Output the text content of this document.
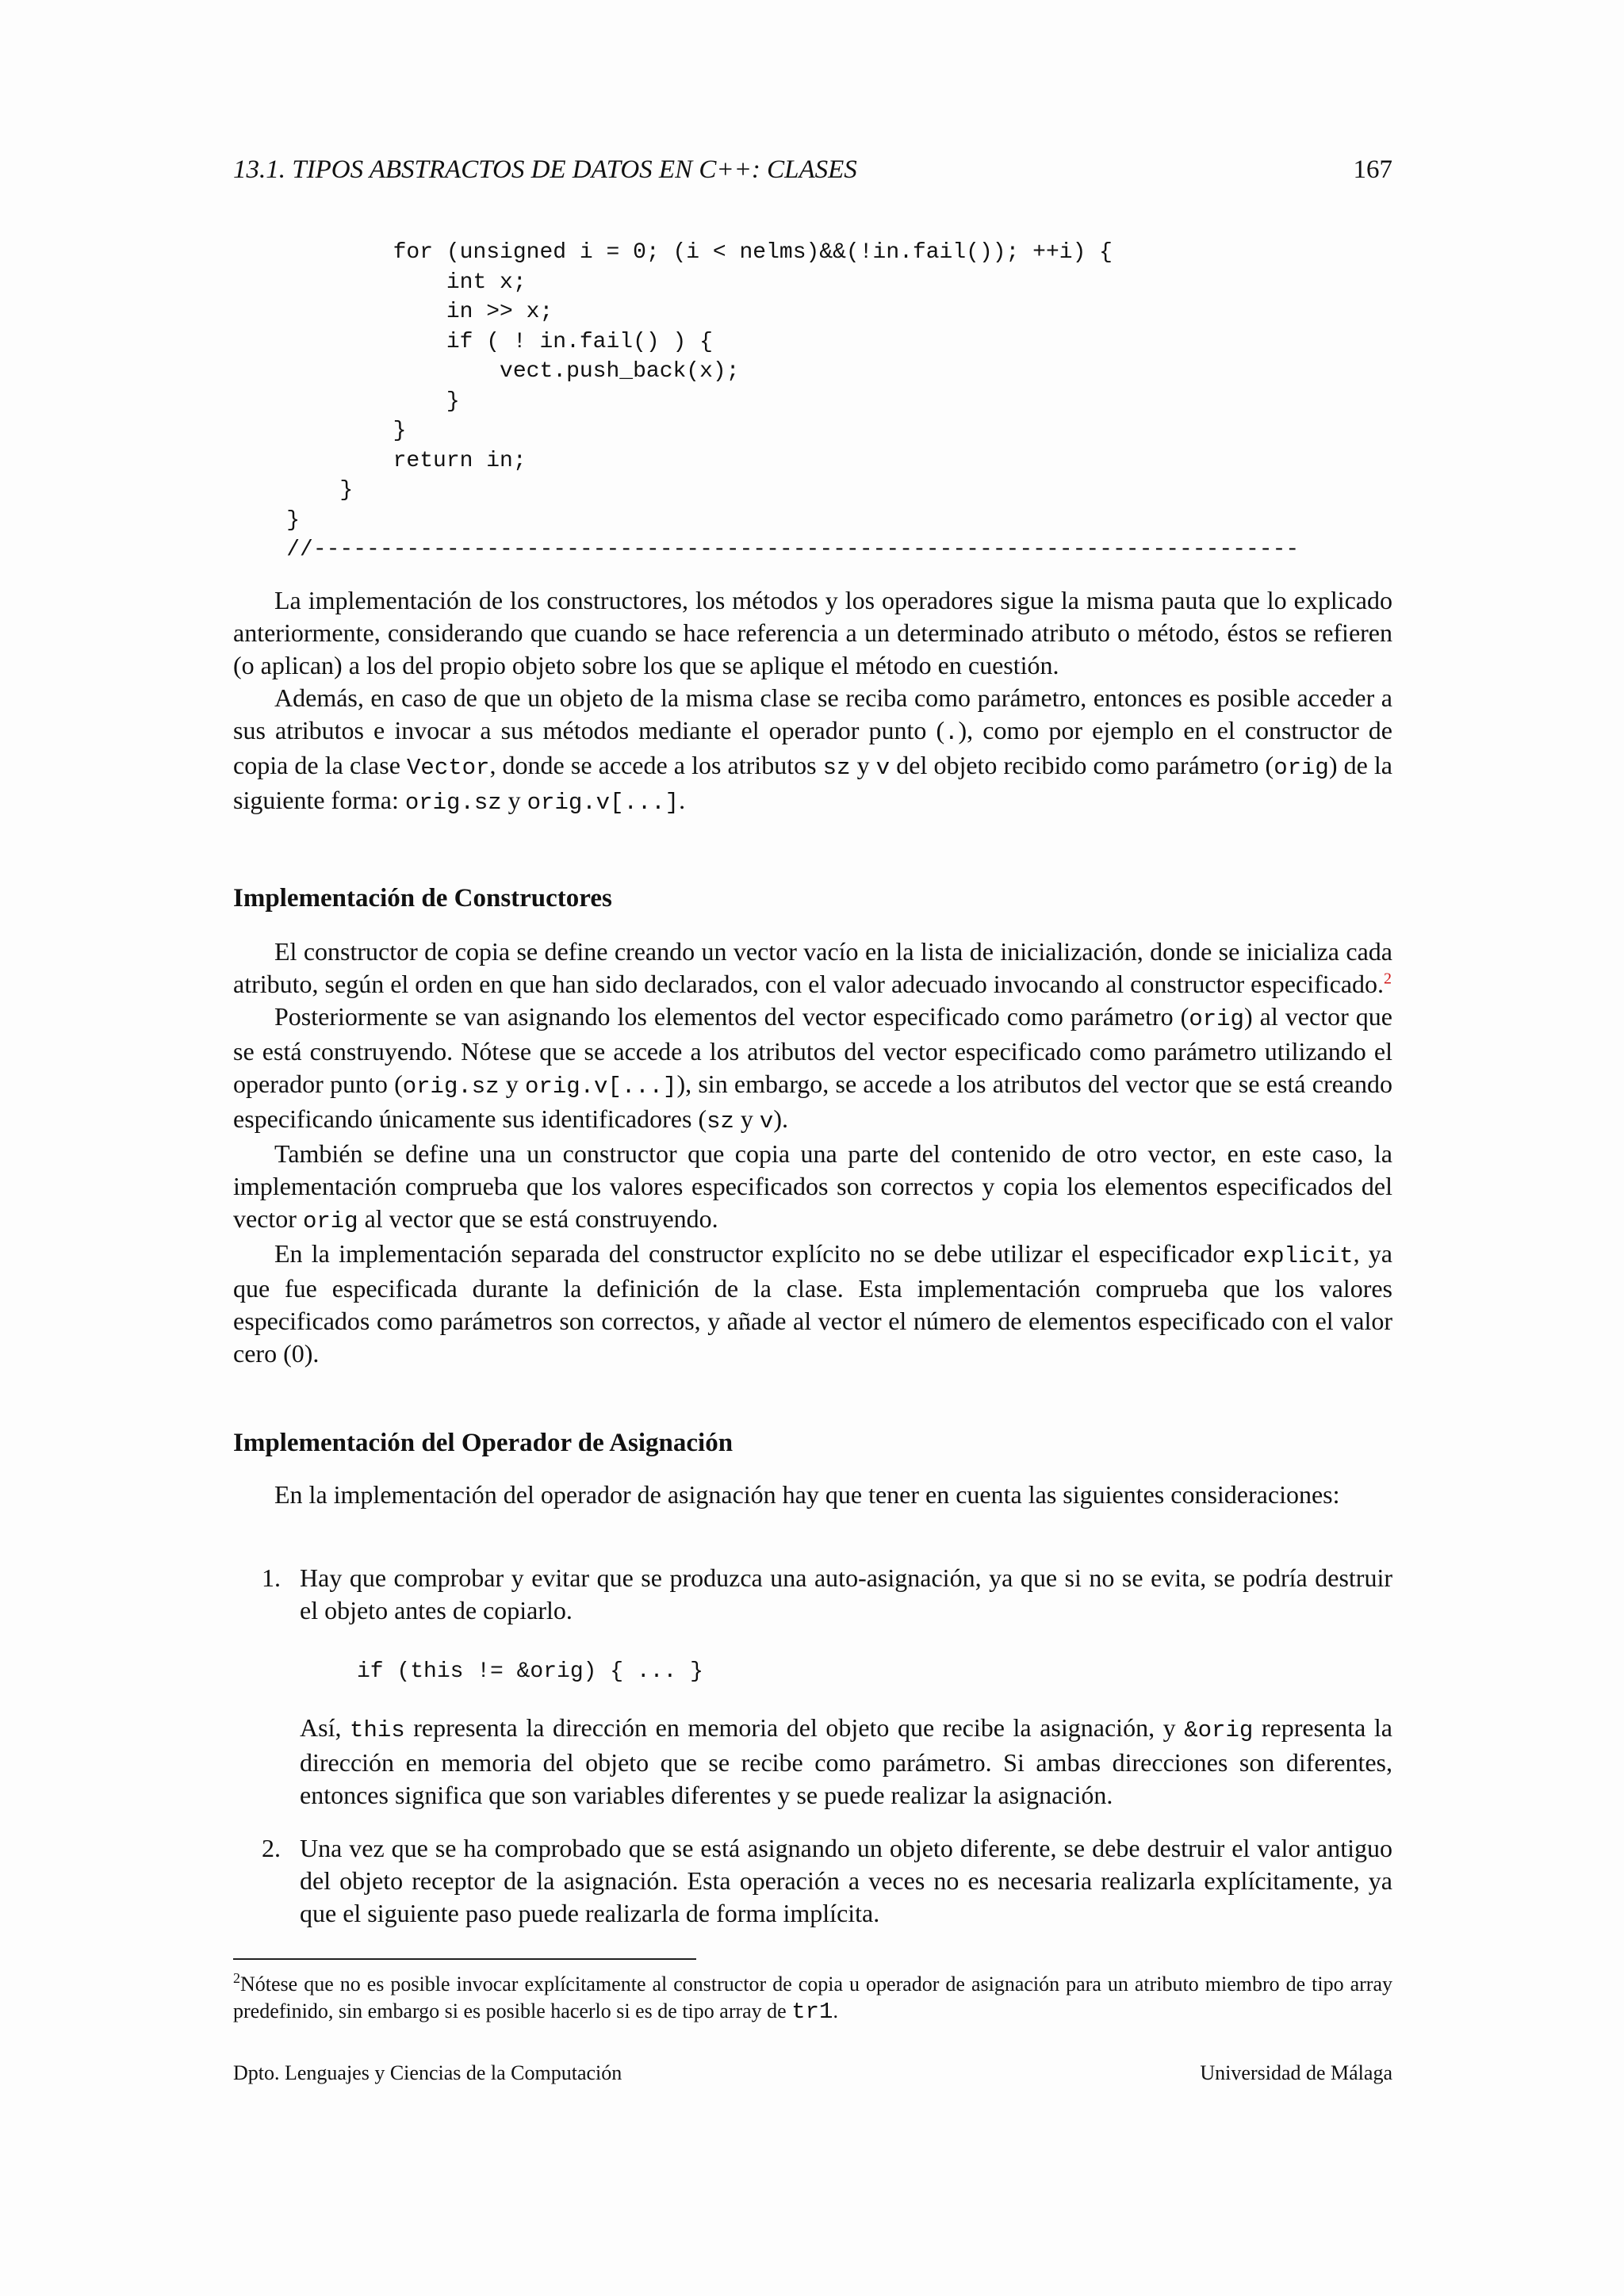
13.1. TIPOS ABSTRACTOS DE DATOS EN C++: CLASES	167
for (unsigned i = 0; (i < nelms)&&(!in.fail()); ++i) {
int x;
in >> x;
if ( ! in.fail() ) {
vect.push_back(x);
}
}
return in;
}
}
//--------------------------------------------------------------------------

La implementación de los constructores, los métodos y los operadores sigue la misma pauta que lo explicado anteriormente, considerando que cuando se hace referencia a un determinado atributo o método, éstos se refieren (o aplican) a los del propio objeto sobre los que se aplique el método en cuestión.

Además, en caso de que un objeto de la misma clase se reciba como parámetro, entonces es posible acceder a sus atributos e invocar a sus métodos mediante el operador punto (.), como por ejemplo en el constructor de copia de la clase Vector, donde se accede a los atributos sz y v del objeto recibido como parámetro (orig) de la siguiente forma: orig.sz y orig.v[...].

Implementación de Constructores

El constructor de copia se define creando un vector vacío en la lista de inicialización, donde se inicializa cada atributo, según el orden en que han sido declarados, con el valor adecuado invocando al constructor especificado.$^2$

Posteriormente se van asignando los elementos del vector especificado como parámetro (orig) al vector que se está construyendo. Nótese que se accede a los atributos del vector especificado como parámetro utilizando el operador punto (orig.sz y orig.v[...]), sin embargo, se accede a los atributos del vector que se está creando especificando únicamente sus identificadores (sz y v).

También se define una un constructor que copia una parte del contenido de otro vector, en este caso, la implementación comprueba que los valores especificados son correctos y copia los elementos especificados del vector orig al vector que se está construyendo.

En la implementación separada del constructor explícito no se debe utilizar el especificador explicit, ya que fue especificada durante la definición de la clase. Esta implementación comprueba que los valores especificados como parámetros son correctos, y añade al vector el número de elementos especificado con el valor cero (0).

Implementación del Operador de Asignación

En la implementación del operador de asignación hay que tener en cuenta las siguientes consideraciones:

1. Hay que comprobar y evitar que se produzca una auto-asignación, ya que si no se evita, se podría destruir el objeto antes de copiarlo.

if (this != &orig) { ... }

Así, this representa la dirección en memoria del objeto que recibe la asignación, y &orig representa la dirección en memoria del objeto que se recibe como parámetro. Si ambas direcciones son diferentes, entonces significa que son variables diferentes y se puede realizar la asignación.

2. Una vez que se ha comprobado que se está asignando un objeto diferente, se debe destruir el valor antiguo del objeto receptor de la asignación. Esta operación a veces no es necesaria realizarla explícitamente, ya que el siguiente paso puede realizarla de forma implícita.

$^2$Nótese que no es posible invocar explícitamente al constructor de copia u operador de asignación para un atributo miembro de tipo array predefinido, sin embargo si es posible hacerlo si es de tipo array de tr1.
Dpto. Lenguajes y Ciencias de la Computación	Universidad de Málaga
